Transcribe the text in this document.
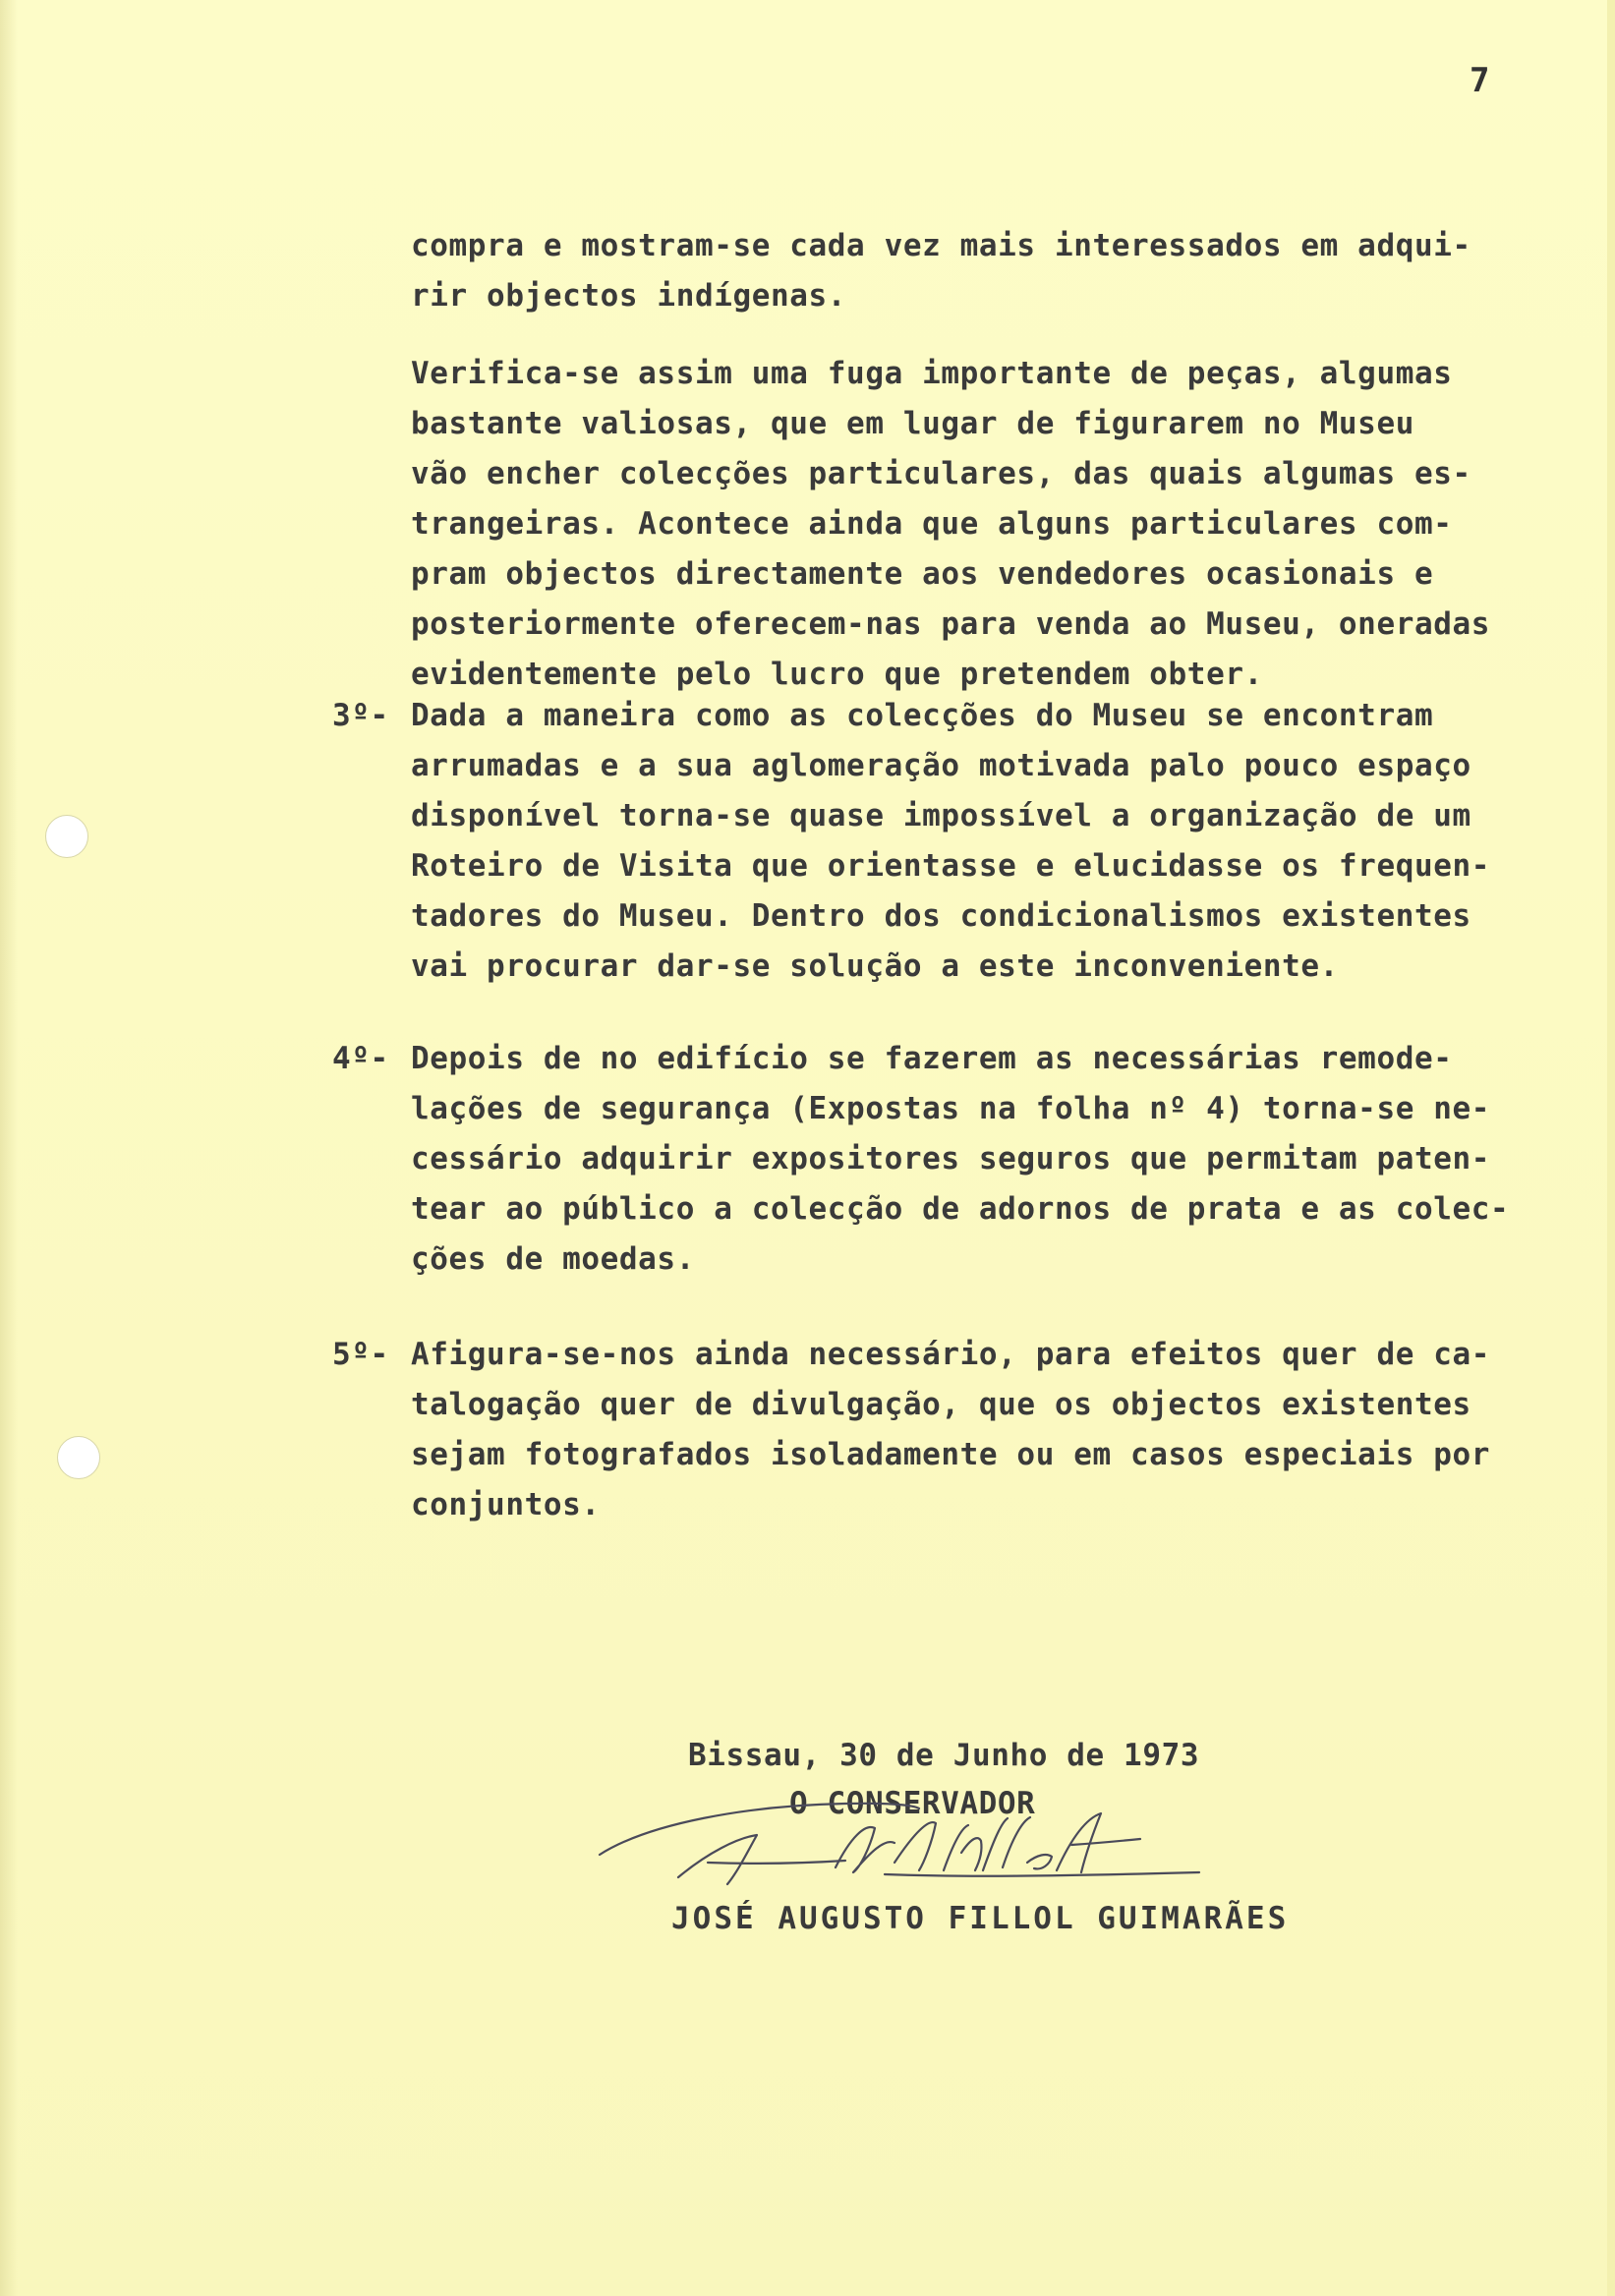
7
compra e mostram-se cada vez mais interessados em adqui-
rir objectos indígenas.
Verifica-se assim uma fuga importante de peças, algumas
bastante valiosas, que em lugar de figurarem no Museu
vão encher colecções particulares, das quais algumas es-
trangeiras. Acontece ainda que alguns particulares com-
pram objectos directamente aos vendedores ocasionais e
posteriormente oferecem-nas para venda ao Museu, oneradas
evidentemente pelo lucro que pretendem obter.
3º- Dada a maneira como as colecções do Museu se encontram
arrumadas e a sua aglomeração motivada palo pouco espaço
disponível torna-se quase impossível a organização de um
Roteiro de Visita que orientasse e elucidasse os frequen-
tadores do Museu. Dentro dos condicionalismos existentes
vai procurar dar-se solução a este inconveniente.
4º- Depois de no edifício se fazerem as necessárias remode-
lações de segurança (Expostas na folha nº 4) torna-se ne-
cessário adquirir expositores seguros que permitam paten-
tear ao público a colecção de adornos de prata e as colec-
ções de moedas.
5º- Afigura-se-nos ainda necessário, para efeitos quer de ca-
talogação quer de divulgação, que os objectos existentes
sejam fotografados isoladamente ou em casos especiais por
conjuntos.
Bissau, 30 de Junho de 1973
O CONSERVADOR
JOSÉ AUGUSTO FILLOL GUIMARÃES
